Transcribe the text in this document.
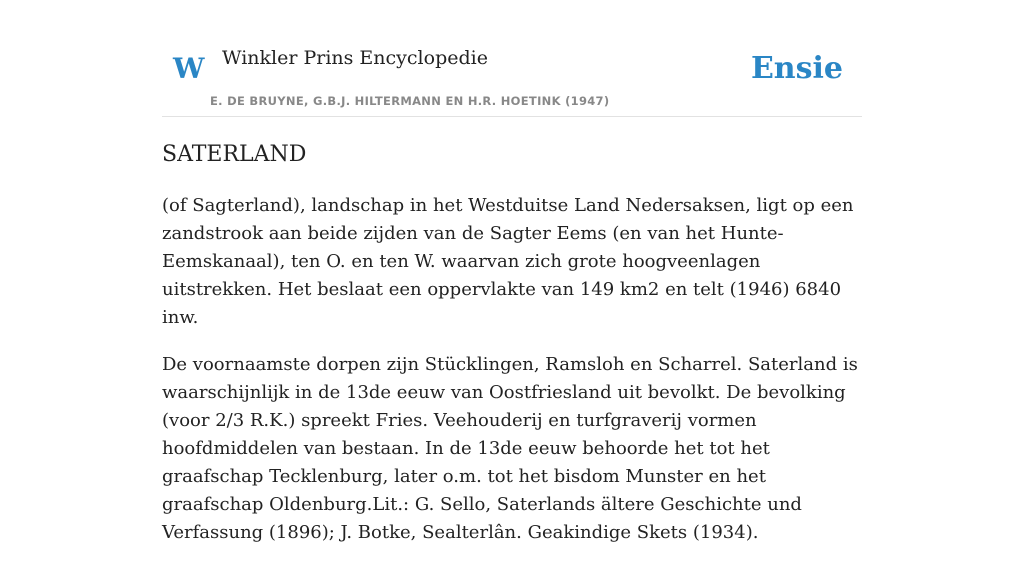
W Winkler Prins Encyclopedie
E. DE BRUYNE, G.B.J. HILTERMANN EN H.R. HOETINK (1947)
Ensie
SATERLAND

(of Sagterland), landschap in het Westduitse Land Nedersaksen, ligt op een zandstrook aan beide zijden van de Sagter Eems (en van het Hunte-Eemskanaal), ten O. en ten W. waarvan zich grote hoogveenlagen uitstrekken. Het beslaat een oppervlakte van 149 km2 en telt (1946) 6840 inw.

De voornaamste dorpen zijn Stücklingen, Ramsloh en Scharrel. Saterland is waarschijnlijk in de 13de eeuw van Oostfriesland uit bevolkt. De bevolking (voor 2/3 R.K.) spreekt Fries. Veehouderij en turfgraverij vormen hoofdmiddelen van bestaan. In de 13de eeuw behoorde het tot het graafschap Tecklenburg, later o.m. tot het bisdom Munster en het graafschap Oldenburg.Lit.: G. Sello, Saterlands ältere Geschichte und Verfassung (1896); J. Botke, Sealterlân. Geakindige Skets (1934).
